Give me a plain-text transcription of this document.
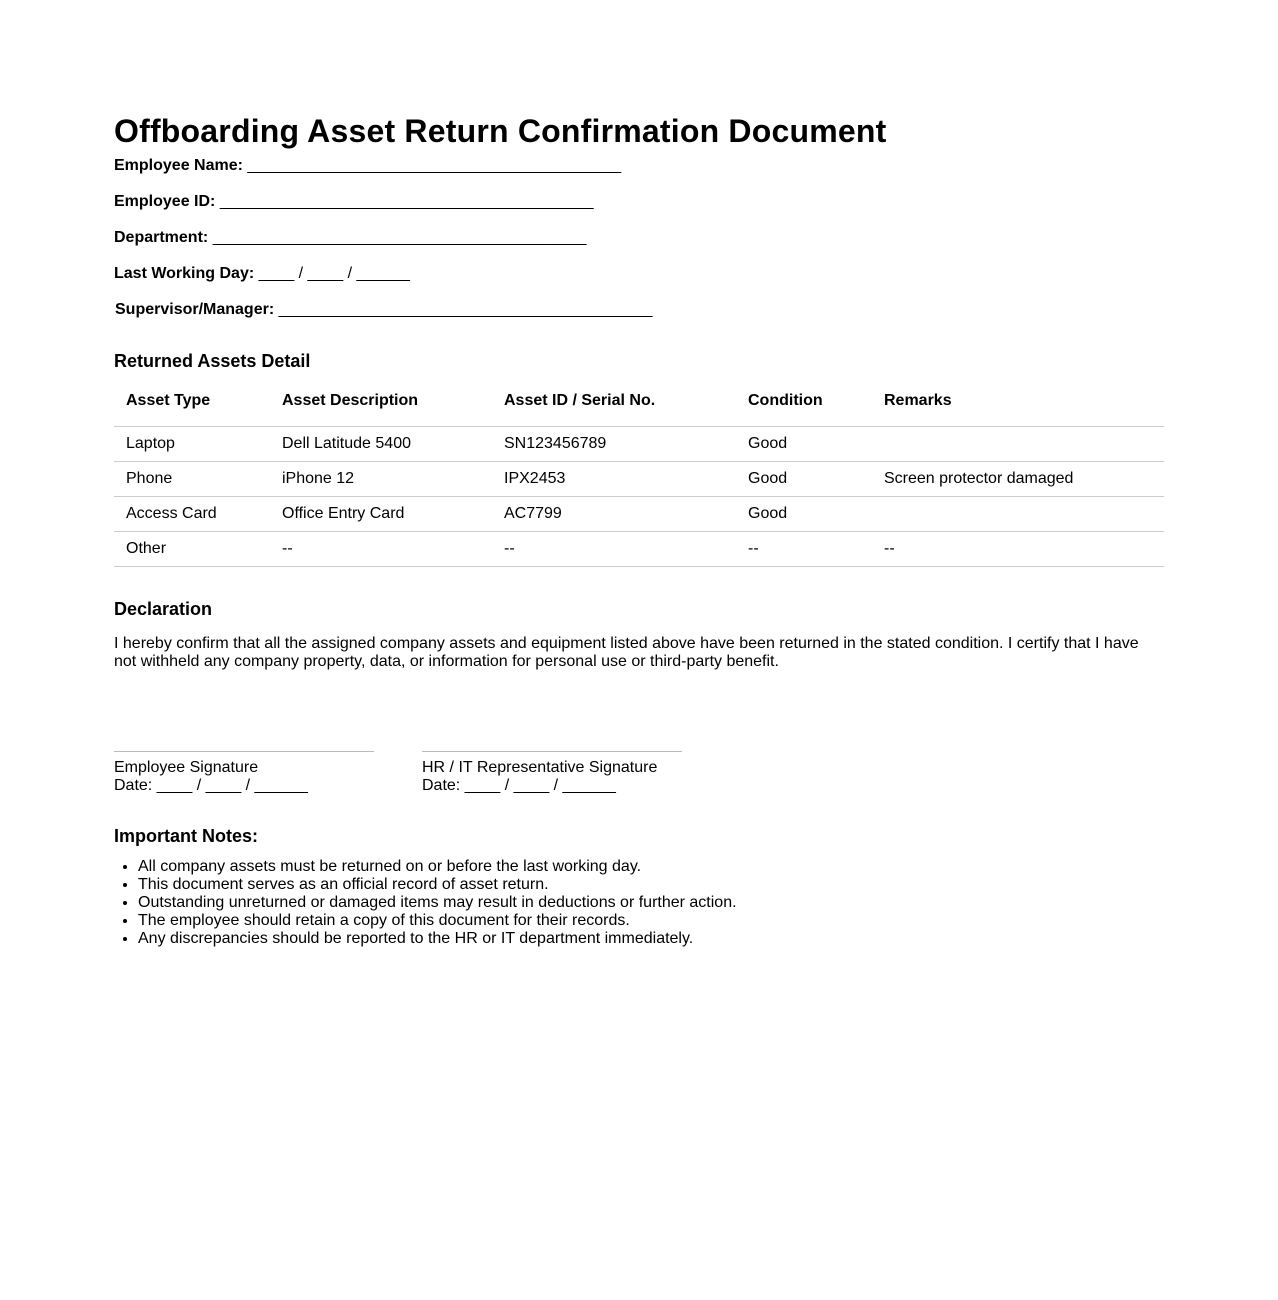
Offboarding Asset Return Confirmation Document

Employee Name: __________________________________________

Employee ID: __________________________________________

Department: __________________________________________

Last Working Day: ____ / ____ / ______

Supervisor/Manager: __________________________________________

Returned Assets Detail
Asset Type	Asset Description	Asset ID / Serial No.	Condition	Remarks
Laptop	Dell Latitude 5400	SN123456789	Good	
Phone	iPhone 12	IPX2453	Good	Screen protector damaged
Access Card	Office Entry Card	AC7799	Good	
Other	--	--	--	--
Declaration

I hereby confirm that all the assigned company assets and equipment listed above have been returned in the stated condition. I certify that I have not withheld any company property, data, or information for personal use or third-party benefit.

Employee Signature
Date: ____ / ____ / ______
HR / IT Representative Signature
Date: ____ / ____ / ______
Important Notes:
• All company assets must be returned on or before the last working day.
• This document serves as an official record of asset return.
• Outstanding unreturned or damaged items may result in deductions or further action.
• The employee should retain a copy of this document for their records.
• Any discrepancies should be reported to the HR or IT department immediately.
